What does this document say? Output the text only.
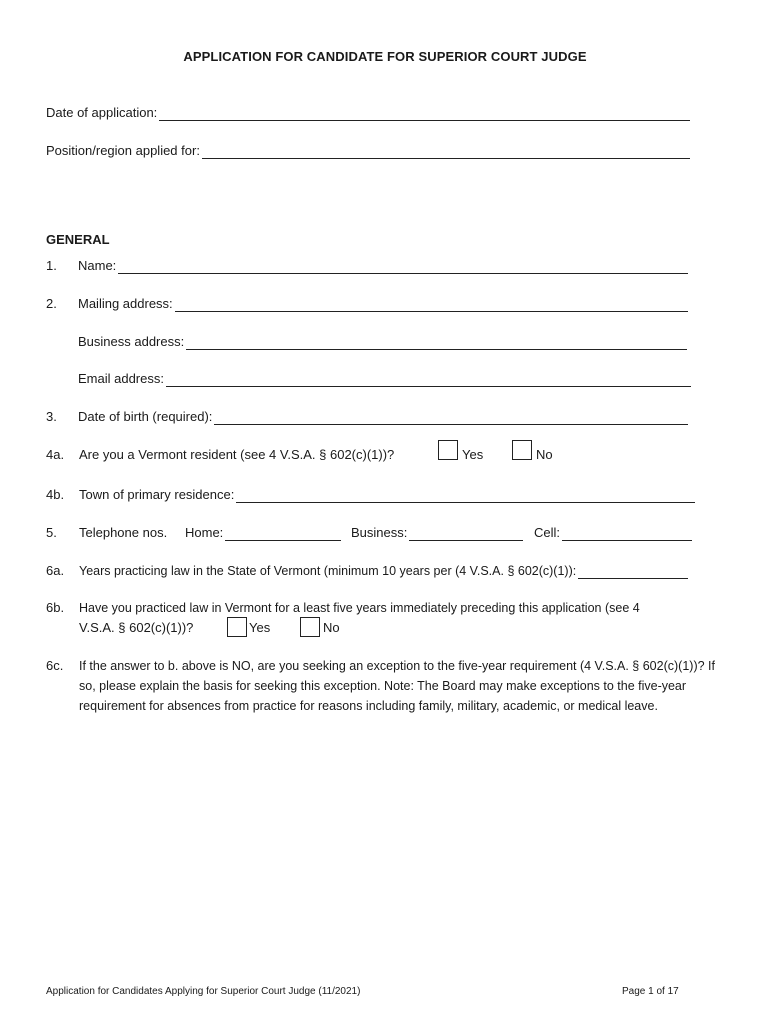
APPLICATION FOR CANDIDATE FOR SUPERIOR COURT JUDGE
Date of application:
Position/region applied for:
GENERAL
1. Name:
2. Mailing address:
Business address:
Email address:
3. Date of birth (required):
4a. Are you a Vermont resident (see 4 V.S.A. § 602(c)(1))?	Yes	No
4b. Town of primary residence:
5. Telephone nos. Home:	Business:	Cell:
6a. Years practicing law in the State of Vermont (minimum 10 years per (4 V.S.A. § 602(c)(1)):
6b. Have you practiced law in Vermont for a least five years immediately preceding this application (see 4
V.S.A. § 602(c)(1))?	Yes	No
6c. If the answer to b. above is NO, are you seeking an exception to the five-year requirement (4 V.S.A. § 602(c)(1))? If so, please explain the basis for seeking this exception. Note: The Board may make exceptions to the five-year requirement for absences from practice for reasons including family, military, academic, or medical leave.
Application for Candidates Applying for Superior Court Judge (11/2021)	Page 1 of 17
